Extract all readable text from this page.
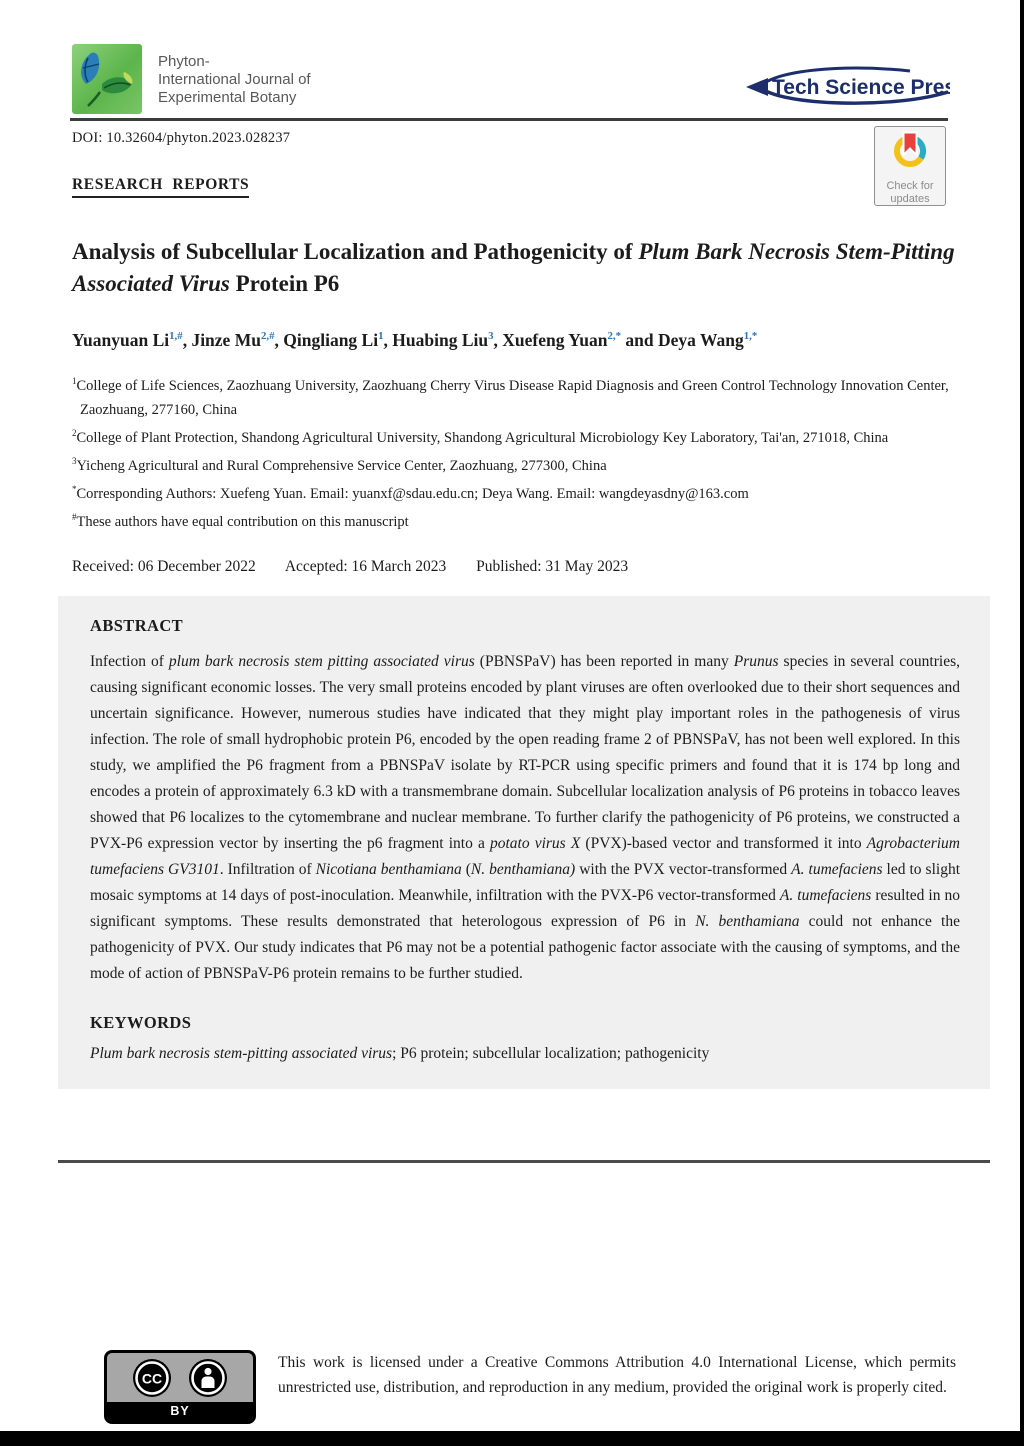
Phyton-
International Journal of
Experimental Botany	Tech Science Press
DOI: 10.32604/phyton.2023.028237
RESEARCH REPORTS	Check for
updates
Analysis of Subcellular Localization and Pathogenicity of Plum Bark Necrosis Stem-Pitting Associated Virus Protein P6
Yuanyuan $Li^{1,\#}$, Jinze $Mu^{2,\#}$, Qingliang Li$^1$, Huabing Liu$^3$, Xuefeng Yuan$^{2,*}$ and Deya Wang$^{1,*}$

$^1$College of Life Sciences, Zaozhuang University, Zaozhuang Cherry Virus Disease Rapid Diagnosis and Green Control Technology Innovation Center, Zaozhuang, 277160, China

$^2$College of Plant Protection, Shandong Agricultural University, Shandong Agricultural Microbiology Key Laboratory, Tai'an, 271018, China

$^3$Yicheng Agricultural and Rural Comprehensive Service Center, Zaozhuang, 277300, China

*Corresponding Authors: Xuefeng Yuan. Email: yuanxf@sdau.edu.cn; Deya Wang. Email: wangdeyasdny@163.com

#These authors have equal contribution on this manuscript

Received: 06 December 2022 Accepted: 16 March 2023 Published: 31 May 2023
ABSTRACT

Infection of plum bark necrosis stem pitting associated virus (PBNSPaV) has been reported in many Prunus species in several countries, causing significant economic losses. The very small proteins encoded by plant viruses are often overlooked due to their short sequences and uncertain significance. However, numerous studies have indicated that they might play important roles in the pathogenesis of virus infection. The role of small hydrophobic protein P6, encoded by the open reading frame 2 of PBNSPaV, has not been well explored. In this study, we amplified the P6 fragment from a PBNSPaV isolate by RT-PCR using specific primers and found that it is 174 bp long and encodes a protein of approximately 6.3 kD with a transmembrane domain. Subcellular localization analysis of P6 proteins in tobacco leaves showed that P6 localizes to the cytomembrane and nuclear membrane. To further clarify the pathogenicity of P6 proteins, we constructed a PVX-P6 expression vector by inserting the p6 fragment into a potato virus X (PVX)-based vector and transformed it into Agrobacterium tumefaciens GV3101. Infiltration of Nicotiana benthamiana (N. benthamiana) with the PVX vector-transformed A. tumefaciens led to slight mosaic symptoms at 14 days of post-inoculation. Meanwhile, infiltration with the PVX-P6 vector-transformed A. tumefaciens resulted in no significant symptoms. These results demonstrated that heterologous expression of P6 in N. benthamiana could not enhance the pathogenicity of PVX. Our study indicates that P6 may not be a potential pathogenic factor associate with the causing of symptoms, and the mode of action of PBNSPaV-P6 protein remains to be further studied.

KEYWORDS

Plum bark necrosis stem-pitting associated virus; P6 protein; subcellular localization; pathogenicity

CC
BY

This work is licensed under a Creative Commons Attribution 4.0 International License, which permits unrestricted use, distribution, and reproduction in any medium, provided the original work is properly cited.
